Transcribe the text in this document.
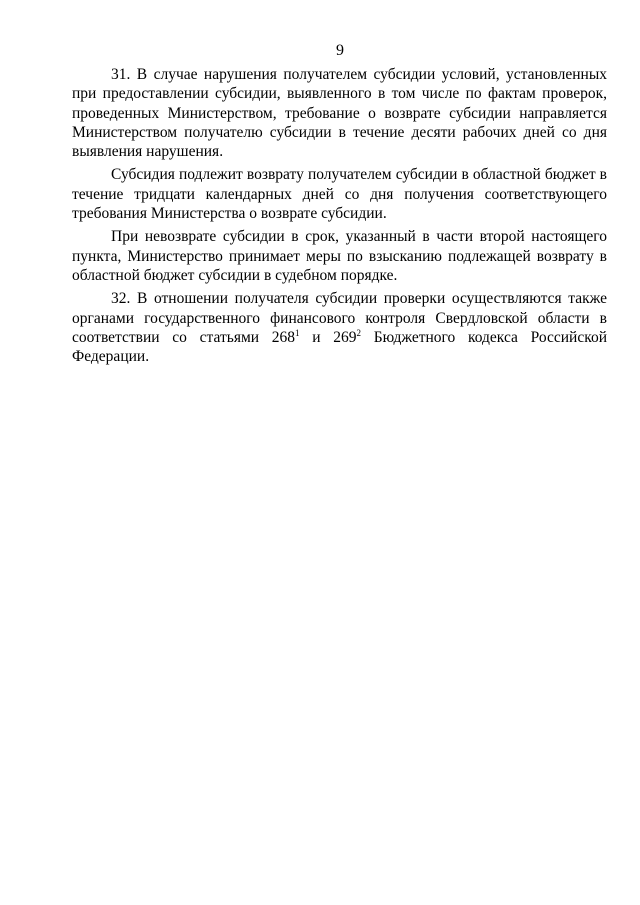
9

31. В случае нарушения получателем субсидии условий, установленных при предоставлении субсидии, выявленного в том числе по фактам проверок, проведенных Министерством, требование о возврате субсидии направляется Министерством получателю субсидии в течение десяти рабочих дней со дня выявления нарушения.

Субсидия подлежит возврату получателем субсидии в областной бюджет в течение тридцати календарных дней со дня получения соответствующего требования Министерства о возврате субсидии.

При невозврате субсидии в срок, указанный в части второй настоящего пункта, Министерство принимает меры по взысканию подлежащей возврату в областной бюджет субсидии в судебном порядке.

32. В отношении получателя субсидии проверки осуществляются также органами государственного финансового контроля Свердловской области в соответствии со статьями $268^1$ и $269^2$ Бюджетного кодекса Российской Федерации.
